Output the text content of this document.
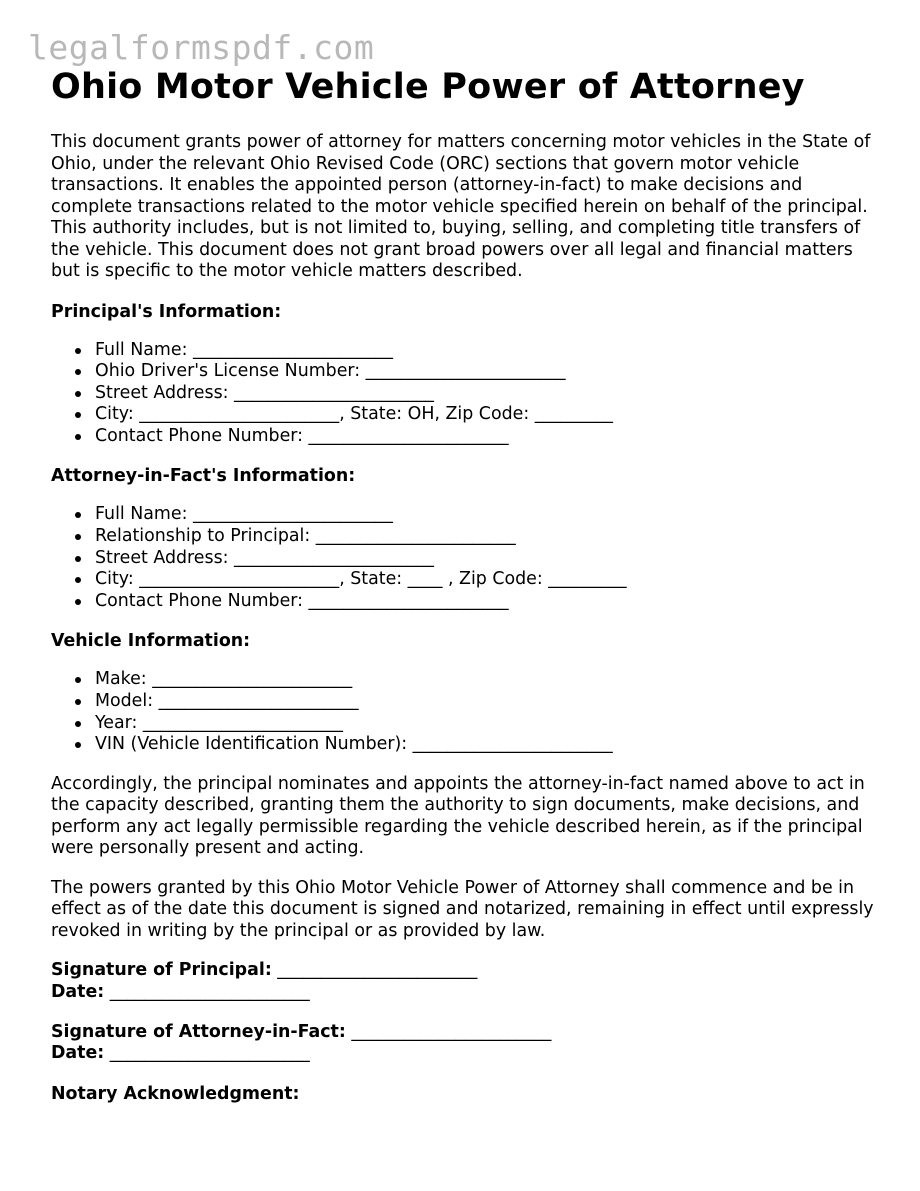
legalformspdf.com
Ohio Motor Vehicle Power of Attorney

This document grants power of attorney for matters concerning motor vehicles in the State of Ohio, under the relevant Ohio Revised Code (ORC) sections that govern motor vehicle transactions. It enables the appointed person (attorney-in-fact) to make decisions and complete transactions related to the motor vehicle specified herein on behalf of the principal. This authority includes, but is not limited to, buying, selling, and completing title transfers of the vehicle. This document does not grant broad powers over all legal and financial matters but is specific to the motor vehicle matters described.

Principal's Information:
Full Name: _______________________
Ohio Driver's License Number: _______________________
Street Address: _______________________
City: _______________________, State: OH, Zip Code: _________
Contact Phone Number: _______________________
Attorney-in-Fact's Information:
Full Name: _______________________
Relationship to Principal: _______________________
Street Address: _______________________
City: _______________________, State: ____ , Zip Code: _________
Contact Phone Number: _______________________
Vehicle Information:
Make: _______________________
Model: _______________________
Year: _______________________
VIN (Vehicle Identification Number): _______________________

Accordingly, the principal nominates and appoints the attorney-in-fact named above to act in the capacity described, granting them the authority to sign documents, make decisions, and perform any act legally permissible regarding the vehicle described herein, as if the principal were personally present and acting.

The powers granted by this Ohio Motor Vehicle Power of Attorney shall commence and be in effect as of the date this document is signed and notarized, remaining in effect until expressly revoked in writing by the principal or as provided by law.

Signature of Principal: _______________________
Date: _______________________
Signature of Attorney-in-Fact: _______________________
Date: _______________________
Notary Acknowledgment:
